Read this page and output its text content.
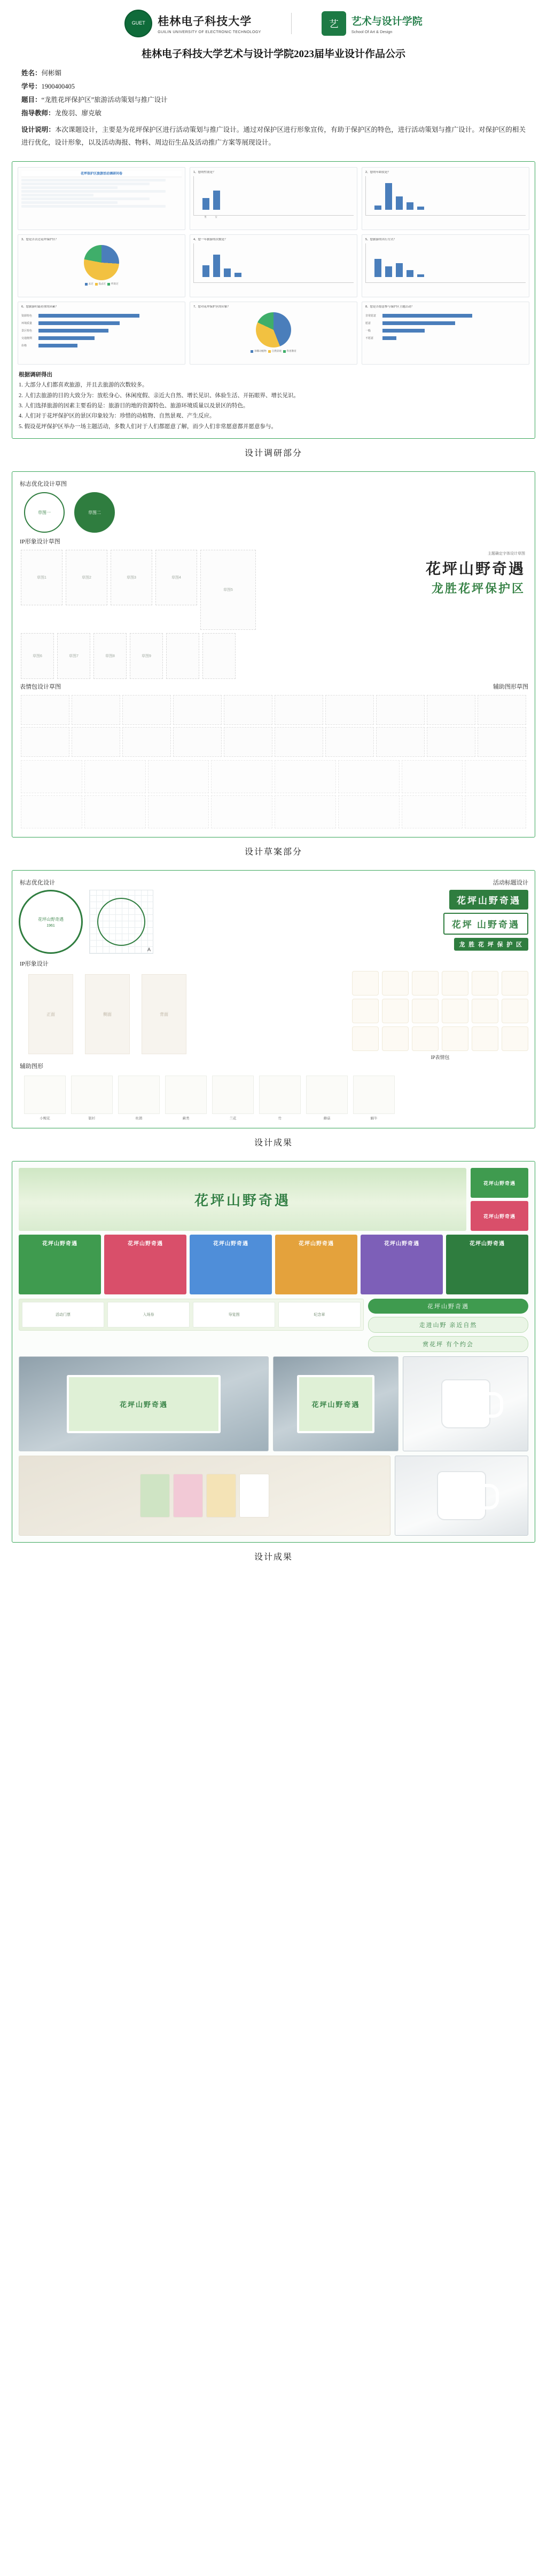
GUET 桂林电子科技大学
GUILIN UNIVERSITY OF ELECTRONIC TECHNOLOGY
艺 艺术与设计学院
School Of Art & Design
桂林电子科技大学艺术与设计学院2023届毕业设计作品公示
姓名：何彬媚
学号：1900400405
题目：“龙胜花坪保护区”旅游活动策划与推广设计
指导教师：龙俊羽、廖克敏
设计说明：本次课题设计，主要是为花坪保护区进行活动策划与推广设计。通过对保护区进行形象宣传，有助于保护区的特色，进行活动策划与推广设计。对保护区的相关进行优化，设计形象，以及活动海报、物料、周边衍生品及活动推广方案等展现设计。
花坪保护区旅游活动调研问卷	1、您的性别是？
男	女
2、您的年龄段是？
3、您是否去过花坪保护区？
去过	没去过	听说过
4、您一年旅游的次数是？	5、您旅游的出行方式？
6、您旅游时最看重的因素？
资源特色
环境质量
景区特色
交通便利
价格
7、您对花坪保护区的印象？
珍稀动植物	自然景观	科普教育
8、您是否愿意参与保护区主题活动？
非常愿意
愿意
一般
不愿意
根据调研得出
1. 大部分人们都喜欢旅游，并且去旅游的次数较多。
2. 人们去旅游的目的大致分为：放松身心、休闲度假、亲近大自然、增长见识、体验生活、开拓眼界、增长见识。
3. 人们选择旅游的因素主要看的是：旅游目的地的资源特色、旅游环境质量以及景区的特色。
4. 人们对于花坪保护区的景区印象较为：珍惜的动植物、自然景观、产生反应。
5. 假设花坪保护区举办一场主题活动，多数人们对于人们都愿意了解，而少人们非常愿意都并愿意参与。
设计调研部分
标志优化设计草图
草图一	草图二
IP形象设计草图
草图1	草图2	草图3	草图4
草图5
草图6	草图7	草图8	草图9
主题确定字体设计草图
花坪山野奇遇
龙胜花坪保护区
表情包设计草图	辅助图形草图
设计草案部分
标志优化设计	活动标题设计
花坪山野奇遇
1961
A
花坪山野奇遇
花坪 山野奇遇
龙 胜 花 坪 保 护 区
IP形象设计
正面	侧面	背面
IP表情包
辅助图形
小鲵花	银杉	杜鹃	蕨类	兰花	竹	蘑菇	蜗牛
设计成果
花坪山野奇遇
花坪山野奇遇
花坪山野奇遇
花坪山野奇遇	花坪山野奇遇	花坪山野奇遇	花坪山野奇遇	花坪山野奇遇	花坪山野奇遇
活动门票	入场券	导览图	纪念章
花坪山野奇遇
走进山野 亲近自然
赏花坪 有个约会
花坪山野奇遇	花坪山野奇遇
设计成果
